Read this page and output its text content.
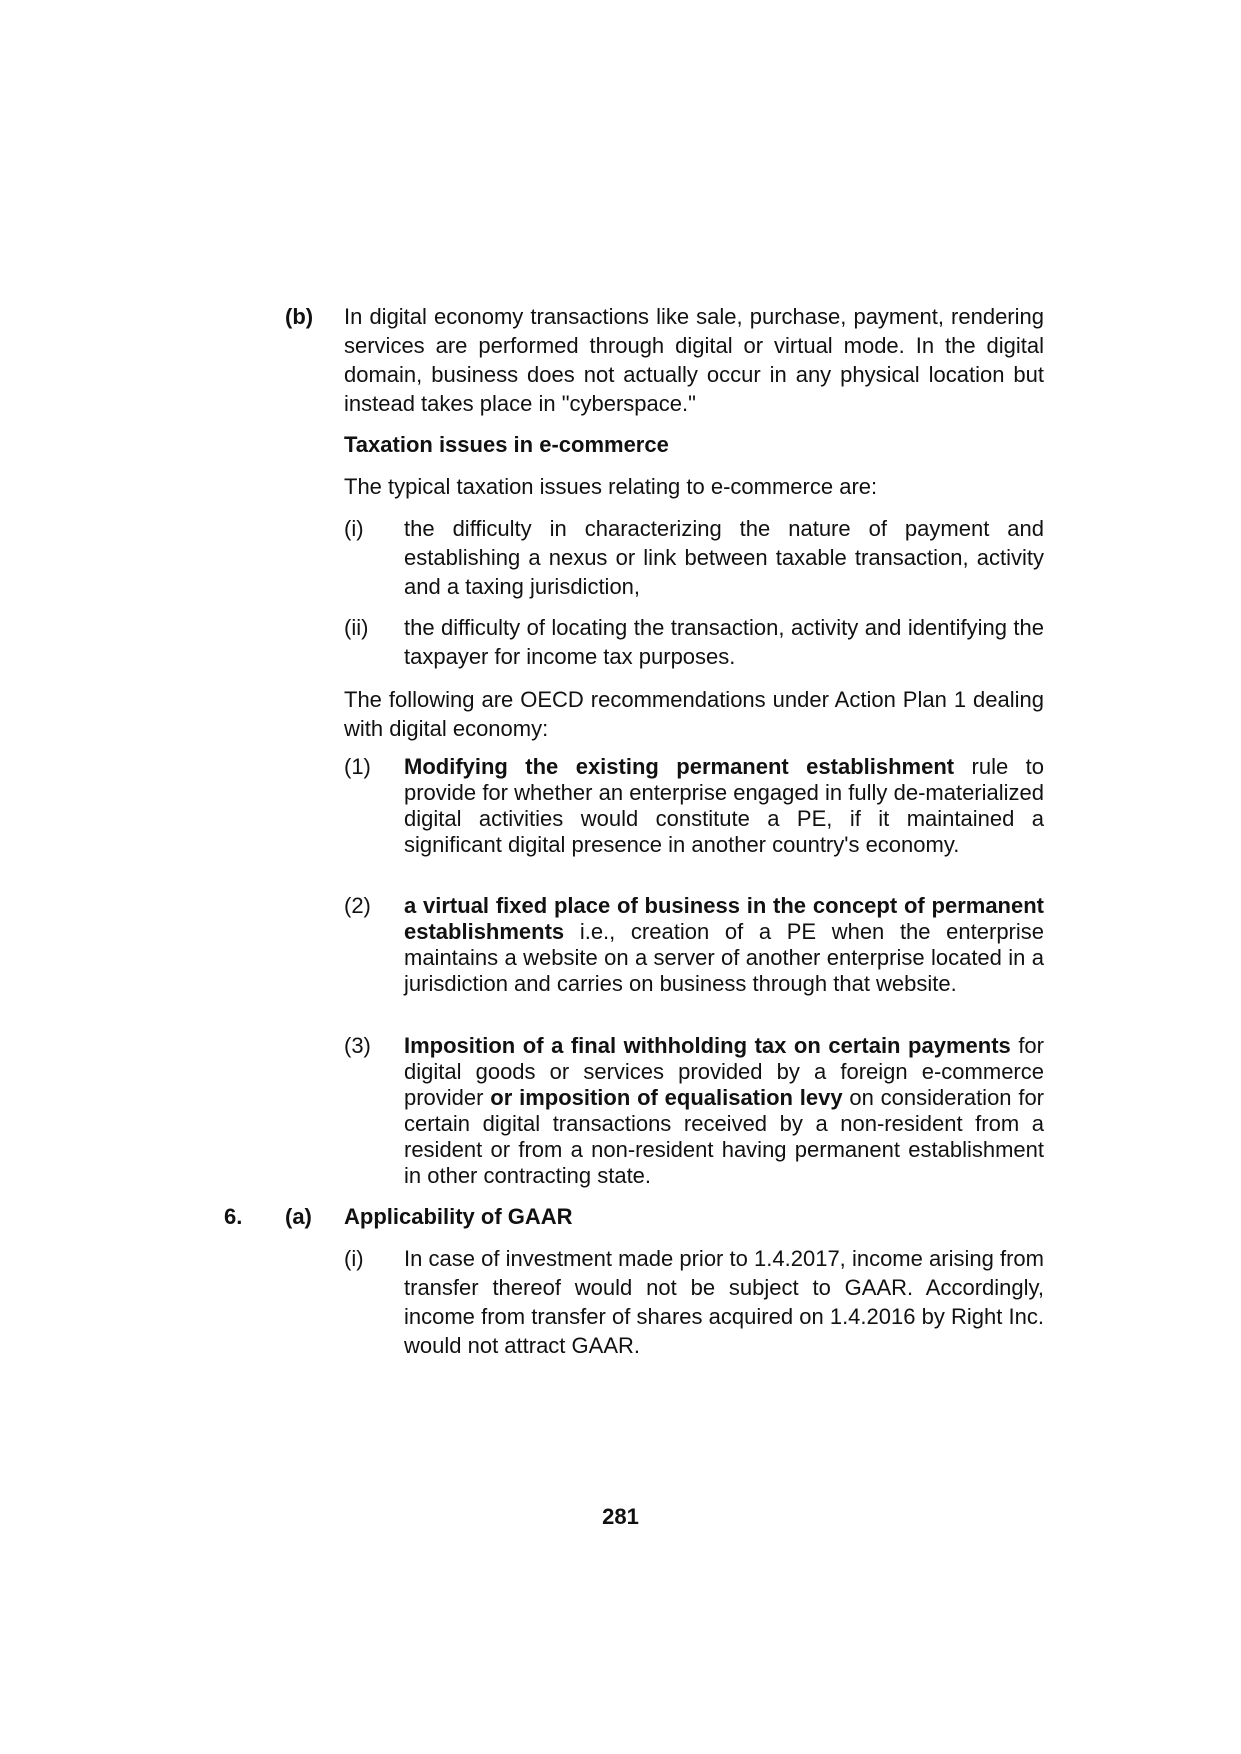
(b) In digital economy transactions like sale, purchase, payment, rendering services are performed through digital or virtual mode. In the digital domain, business does not actually occur in any physical location but instead takes place in "cyberspace."
Taxation issues in e-commerce
The typical taxation issues relating to e-commerce are:
(i) the difficulty in characterizing the nature of payment and establishing a nexus or link between taxable transaction, activity and a taxing jurisdiction,
(ii) the difficulty of locating the transaction, activity and identifying the taxpayer for income tax purposes.
The following are OECD recommendations under Action Plan 1 dealing with digital economy:
(1) Modifying the existing permanent establishment rule to provide for whether an enterprise engaged in fully de-materialized digital activities would constitute a PE, if it maintained a significant digital presence in another country's economy.
(2) a virtual fixed place of business in the concept of permanent establishments i.e., creation of a PE when the enterprise maintains a website on a server of another enterprise located in a jurisdiction and carries on business through that website.
(3) Imposition of a final withholding tax on certain payments for digital goods or services provided by a foreign e-commerce provider or imposition of equalisation levy on consideration for certain digital transactions received by a non-resident from a resident or from a non-resident having permanent establishment in other contracting state.
6. (a) Applicability of GAAR
(i) In case of investment made prior to 1.4.2017, income arising from transfer thereof would not be subject to GAAR. Accordingly, income from transfer of shares acquired on 1.4.2016 by Right Inc. would not attract GAAR.
281
